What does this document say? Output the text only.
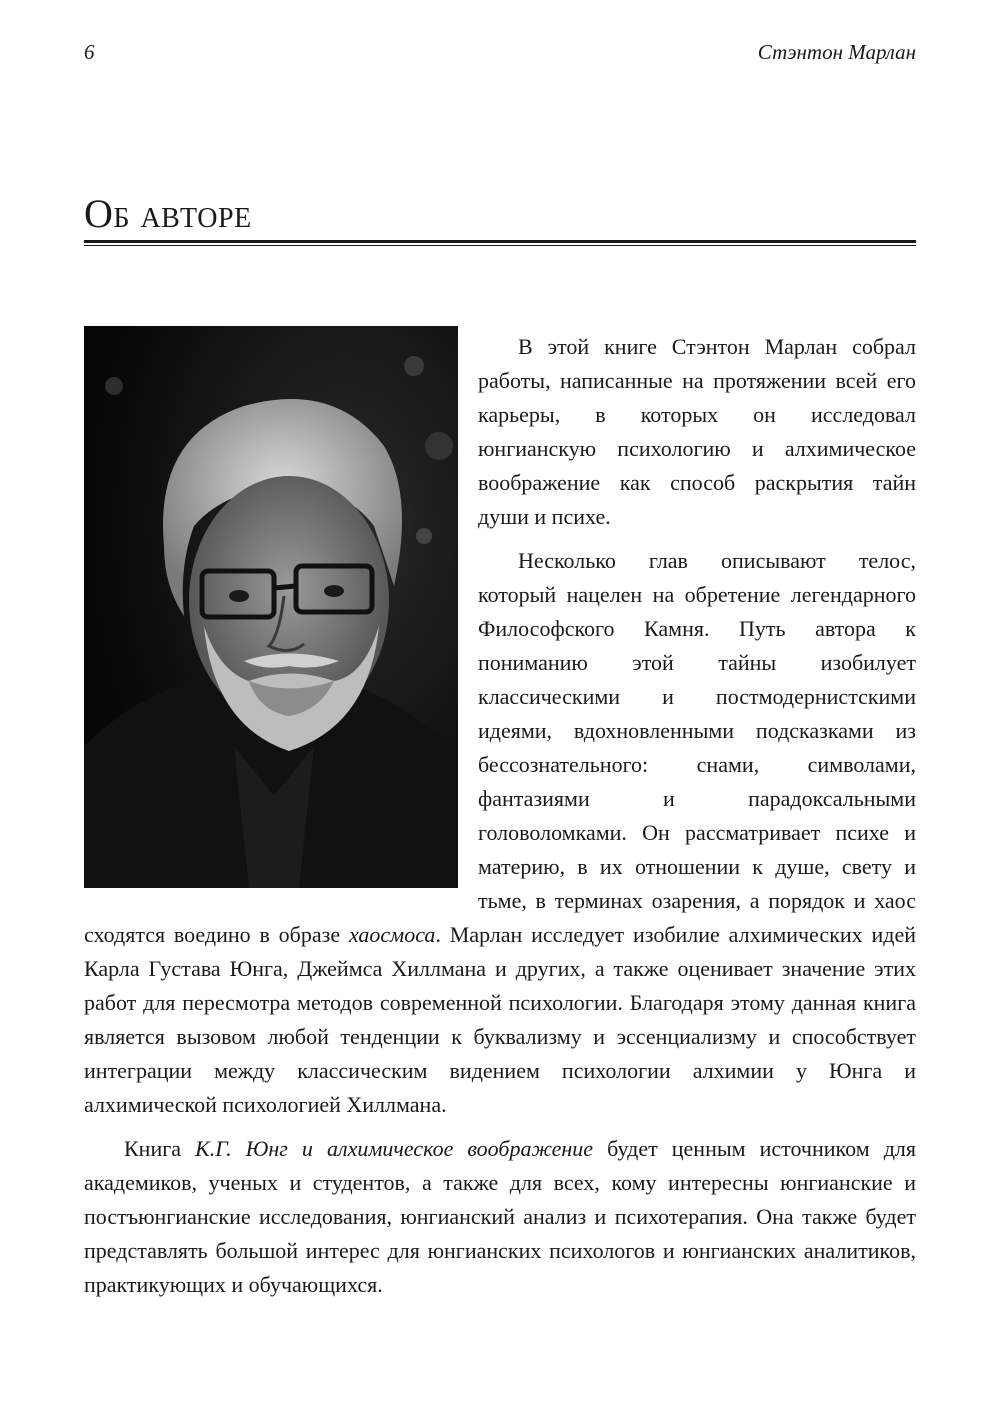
6	Стэнтон Марлан
Об авторе

В этой книге Стэнтон Марлан собрал работы, написанные на протяжении всей его карьеры, в которых он исследовал юнгианскую психологию и алхимическое воображение как способ раскрытия тайн души и психе.

Несколько глав описывают телос, который нацелен на обретение легендарного Философского Камня. Путь автора к пониманию этой тайны изобилует классическими и постмодернистскими идеями, вдохновленными подсказками из бессознательного: снами, символами, фантазиями и парадоксальными головоломками. Он рассматривает психе и материю, в их отношении к душе, свету и тьме, в терминах озарения, а порядок и хаос сходятся воедино в образе хаосмоса. Марлан исследует изобилие алхимических идей Карла Густава Юнга, Джеймса Хиллмана и других, а также оценивает значение этих работ для пересмотра методов современной психологии. Благодаря этому данная книга является вызовом любой тенденции к буквализму и эссенциализму и способствует интеграции между классическим видением психологии алхимии у Юнга и алхимической психологией Хиллмана.

Книга К.Г. Юнг и алхимическое воображение будет ценным источником для академиков, ученых и студентов, а также для всех, кому интересны юнгианские и постъюнгианские исследования, юнгианский анализ и психотерапия. Она также будет представлять большой интерес для юнгианских психологов и юнгианских аналитиков, практикующих и обучающихся.
